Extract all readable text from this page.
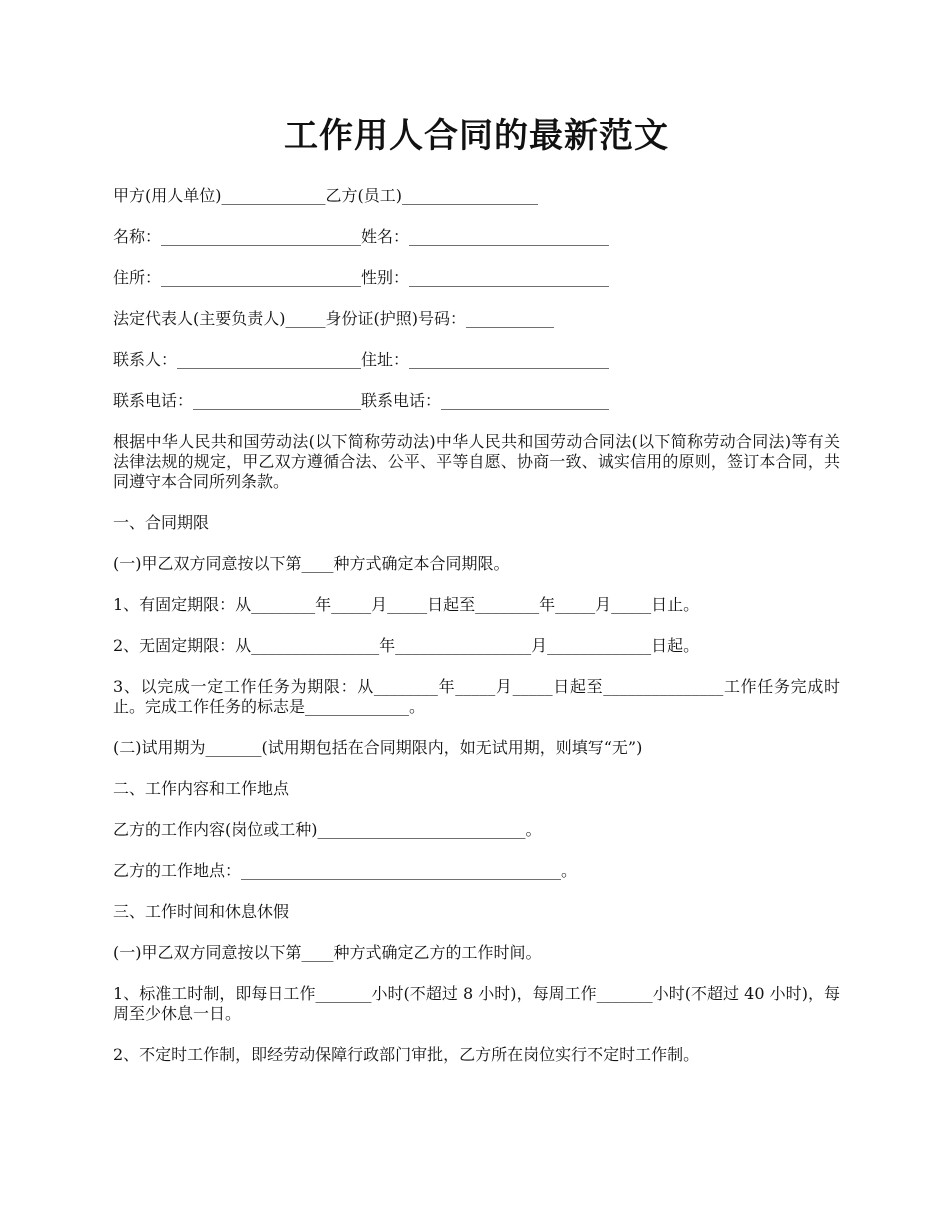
工作用人合同的最新范文
甲方(用人单位)_____________乙方(员工)_________________
名称：_________________________姓名：_________________________
住所：_________________________性别：_________________________
法定代表人(主要负责人)_____身份证(护照)号码：___________
联系人：_______________________住址：_________________________
联系电话：_____________________联系电话：_____________________
根据中华人民共和国劳动法(以下简称劳动法)中华人民共和国劳动合同法(以下简称劳动合同法)等有关法律法规的规定，甲乙双方遵循合法、公平、平等自愿、协商一致、诚实信用的原则，签订本合同，共同遵守本合同所列条款。
一、合同期限
(一)甲乙双方同意按以下第____种方式确定本合同期限。
1、有固定期限：从________年_____月_____日起至________年_____月_____日止。
2、无固定期限：从________________年_________________月_____________日起。
3、以完成一定工作任务为期限：从________年_____月_____日起至_______________工作任务完成时止。完成工作任务的标志是_____________。
(二)试用期为_______(试用期包括在合同期限内，如无试用期，则填写“无”)
二、工作内容和工作地点
乙方的工作内容(岗位或工种)__________________________。
乙方的工作地点：________________________________________。
三、工作时间和休息休假
(一)甲乙双方同意按以下第____种方式确定乙方的工作时间。
1、标准工时制，即每日工作_______小时(不超过 8 小时)，每周工作_______小时(不超过 40 小时)，每周至少休息一日。
2、不定时工作制，即经劳动保障行政部门审批，乙方所在岗位实行不定时工作制。
